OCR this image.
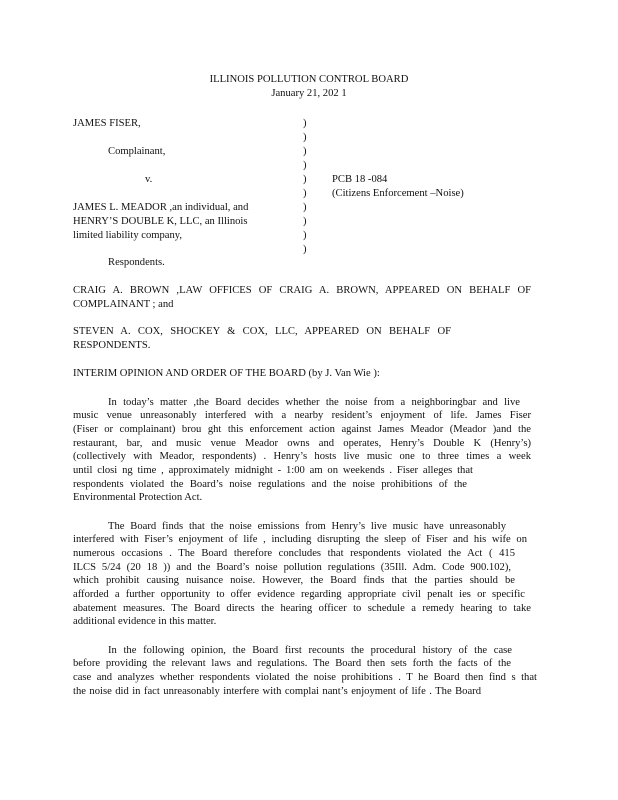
ILLINOIS POLLUTION CONTROL BOARD
January 21, 202 1
JAMES FISER,
Complainant,
v.
JAMES L. MEADOR ,an individual, and
HENRY’S DOUBLE K, LLC, an Illinois
limited liability company,
Respondents.
)
)
)
)
)
)
)
)
)
)
PCB 18 -084
(Citizens Enforcement –Noise)
CRAIG A. BROWN ,LAW OFFICES OF CRAIG A. BROWN, APPEARED ON BEHALF OF
COMPLAINANT ; and
STEVEN A. COX, SHOCKEY & COX, LLC, APPEARED ON BEHALF OF
RESPONDENTS.
INTERIM OPINION AND ORDER OF THE BOARD (by J. Van Wie ):
In today’s matter ,the Board decides whether the noise from a neighboringbar and live
music venue unreasonably interfered with a nearby resident’s enjoyment of life. James Fiser
(Fiser or complainant) brou ght this enforcement action against James Meador (Meador )and the
restaurant, bar, and music venue Meador owns and operates, Henry’s Double K (Henry’s)
(collectively with Meador, respondents) . Henry’s hosts live music one to three times a week
until closi ng time , approximately midnight - 1:00 am on weekends . Fiser alleges that
respondents violated the Board’s noise regulations and the noise prohibitions of the
Environmental Protection Act.
The Board finds that the noise emissions from Henry’s live music have unreasonably
interfered with Fiser’s enjoyment of life , including disrupting the sleep of Fiser and his wife on
numerous occasions . The Board therefore concludes that respondents violated the Act ( 415
ILCS 5/24 (20 18 )) and the Board’s noise pollution regulations (35Ill. Adm. Code 900.102),
which prohibit causing nuisance noise. However, the Board finds that the parties should be
afforded a further opportunity to offer evidence regarding appropriate civil penalt ies or specific
abatement measures. The Board directs the hearing officer to schedule a remedy hearing to take
additional evidence in this matter.
In the following opinion, the Board first recounts the procedural history of the case
before providing the relevant laws and regulations. The Board then sets forth the facts of the
case and analyzes whether respondents violated the noise prohibitions . T he Board then find s that
the noise did in fact unreasonably interfere with complai nant’s enjoyment of life . The Board
